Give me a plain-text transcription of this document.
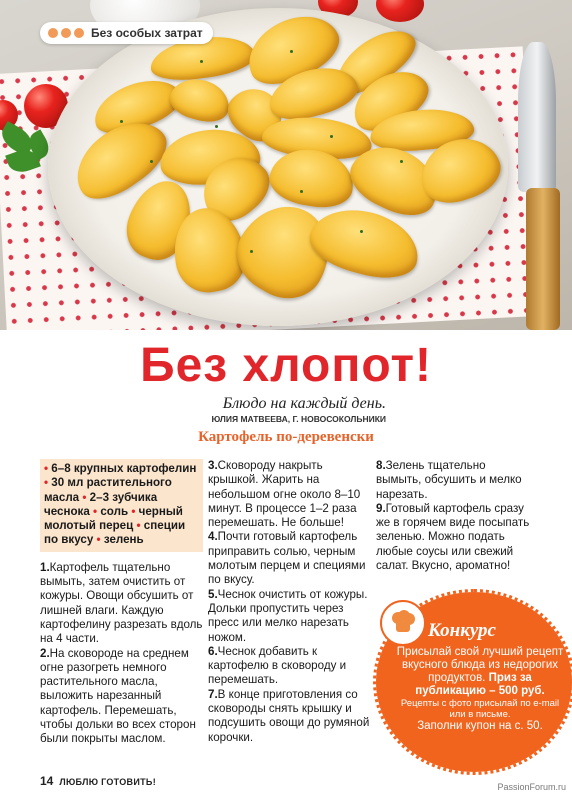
Без особых затрат
Без хлопот!
Блюдо на каждый день.
ЮЛИЯ МАТВЕЕВА, Г. НОВОСОКОЛЬНИКИ
Картофель по-деревенски
• 6–8 крупных картофелин • 30 мл растительного масла • 2–3 зубчика чеснока • соль • черный молотый перец • специи по вкусу • зелень

1.Картофель тщательно вымыть, затем очистить от кожуры. Овощи обсушить от лишней влаги. Каждую картофелину разрезать вдоль на 4 части.

2.На сковороде на среднем огне разогреть немного растительного масла, выложить нарезанный картофель. Перемешать, чтобы дольки во всех сторон были покрыты маслом.

3.Сковороду накрыть крышкой. Жарить на небольшом огне около 8–10 минут. В процессе 1–2 раза перемешать. Не больше!

4.Почти готовый картофель приправить солью, черным молотым перцем и специями по вкусу.

5.Чеснок очистить от кожуры. Дольки пропустить через пресс или мелко нарезать ножом.

6.Чеснок добавить к картофелю в сковороду и перемешать.

7.В конце приготовления со сковороды снять крышку и подсушить овощи до румяной корочки.

8.Зелень тщательно вымыть, обсушить и мелко нарезать.

9.Готовый картофель сразу же в горячем виде посыпать зеленью. Можно подать любые соусы или свежий салат. Вкусно, ароматно!

Конкурс
Присылай свой лучший рецепт вкусного блюда из недорогих продуктов. Приз за публикацию – 500 руб.
Рецепты с фото присылай по e-mail или в письме.
Заполни купон на с. 50.
14 ЛЮБЛЮ ГОТОВИТЬ!	PassionForum.ru
